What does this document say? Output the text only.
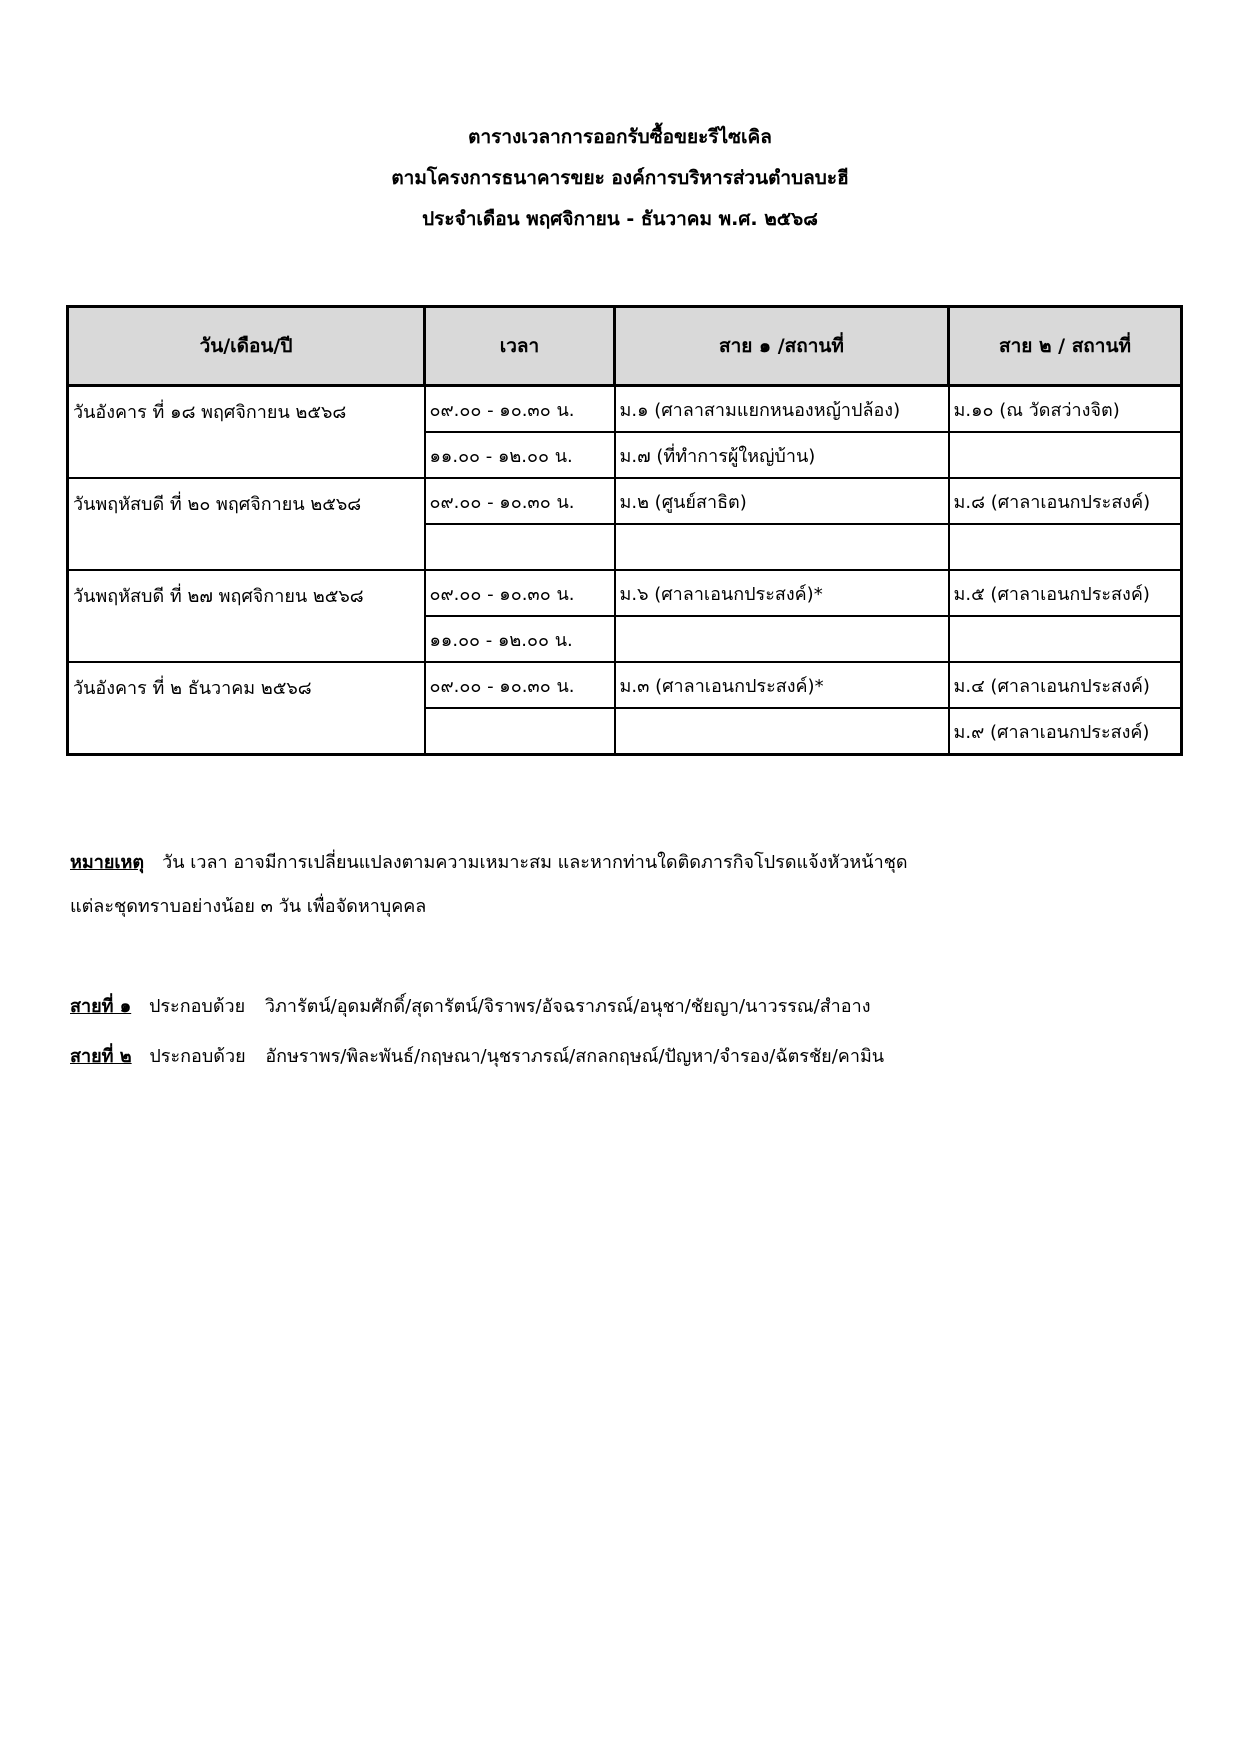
ตารางเวลาการออกรับซื้อขยะรีไซเคิล
ตามโครงการธนาคารขยะ องค์การบริหารส่วนตำบลบะฮี
ประจำเดือน พฤศจิกายน - ธันวาคม พ.ศ. ๒๕๖๘
วัน/เดือน/ปี	เวลา	สาย ๑ /สถานที่	สาย ๒ / สถานที่
วันอังคาร ที่ ๑๘ พฤศจิกายน ๒๕๖๘	๐๙.๐๐ - ๑๐.๓๐ น.	ม.๑ (ศาลาสามแยกหนองหญ้าปล้อง)	ม.๑๐ (ณ วัดสว่างจิต)
	๑๑.๐๐ - ๑๒.๐๐ น.	ม.๗ (ที่ทำการผู้ใหญ่บ้าน)	
วันพฤหัสบดี ที่ ๒๐ พฤศจิกายน ๒๕๖๘	๐๙.๐๐ - ๑๐.๓๐ น.	ม.๒ (ศูนย์สาธิต)	ม.๘ (ศาลาเอนกประสงค์)

วันพฤหัสบดี ที่ ๒๗ พฤศจิกายน ๒๕๖๘	๐๙.๐๐ - ๑๐.๓๐ น.	ม.๖ (ศาลาเอนกประสงค์)*	ม.๕ (ศาลาเอนกประสงค์)
	๑๑.๐๐ - ๑๒.๐๐ น.		
วันอังคาร ที่ ๒ ธันวาคม ๒๕๖๘	๐๙.๐๐ - ๑๐.๓๐ น.	ม.๓ (ศาลาเอนกประสงค์)*	ม.๔ (ศาลาเอนกประสงค์)
			ม.๙ (ศาลาเอนกประสงค์)
หมายเหตุ วัน เวลา อาจมีการเปลี่ยนแปลงตามความเหมาะสม และหากท่านใดติดภารกิจโปรดแจ้งหัวหน้าชุด
แต่ละชุดทราบอย่างน้อย ๓ วัน เพื่อจัดหาบุคคล
สายที่ ๑ ประกอบด้วย วิภารัตน์/อุดมศักดิ์/สุดารัตน์/จิราพร/อัจฉราภรณ์/อนุชา/ชัยญา/นาวรรณ/สำอาง
สายที่ ๒ ประกอบด้วย อักษราพร/พิละพันธ์/กฤษณา/นุชราภรณ์/สกลกฤษณ์/ปัญหา/จำรอง/ฉัตรชัย/คามิน
